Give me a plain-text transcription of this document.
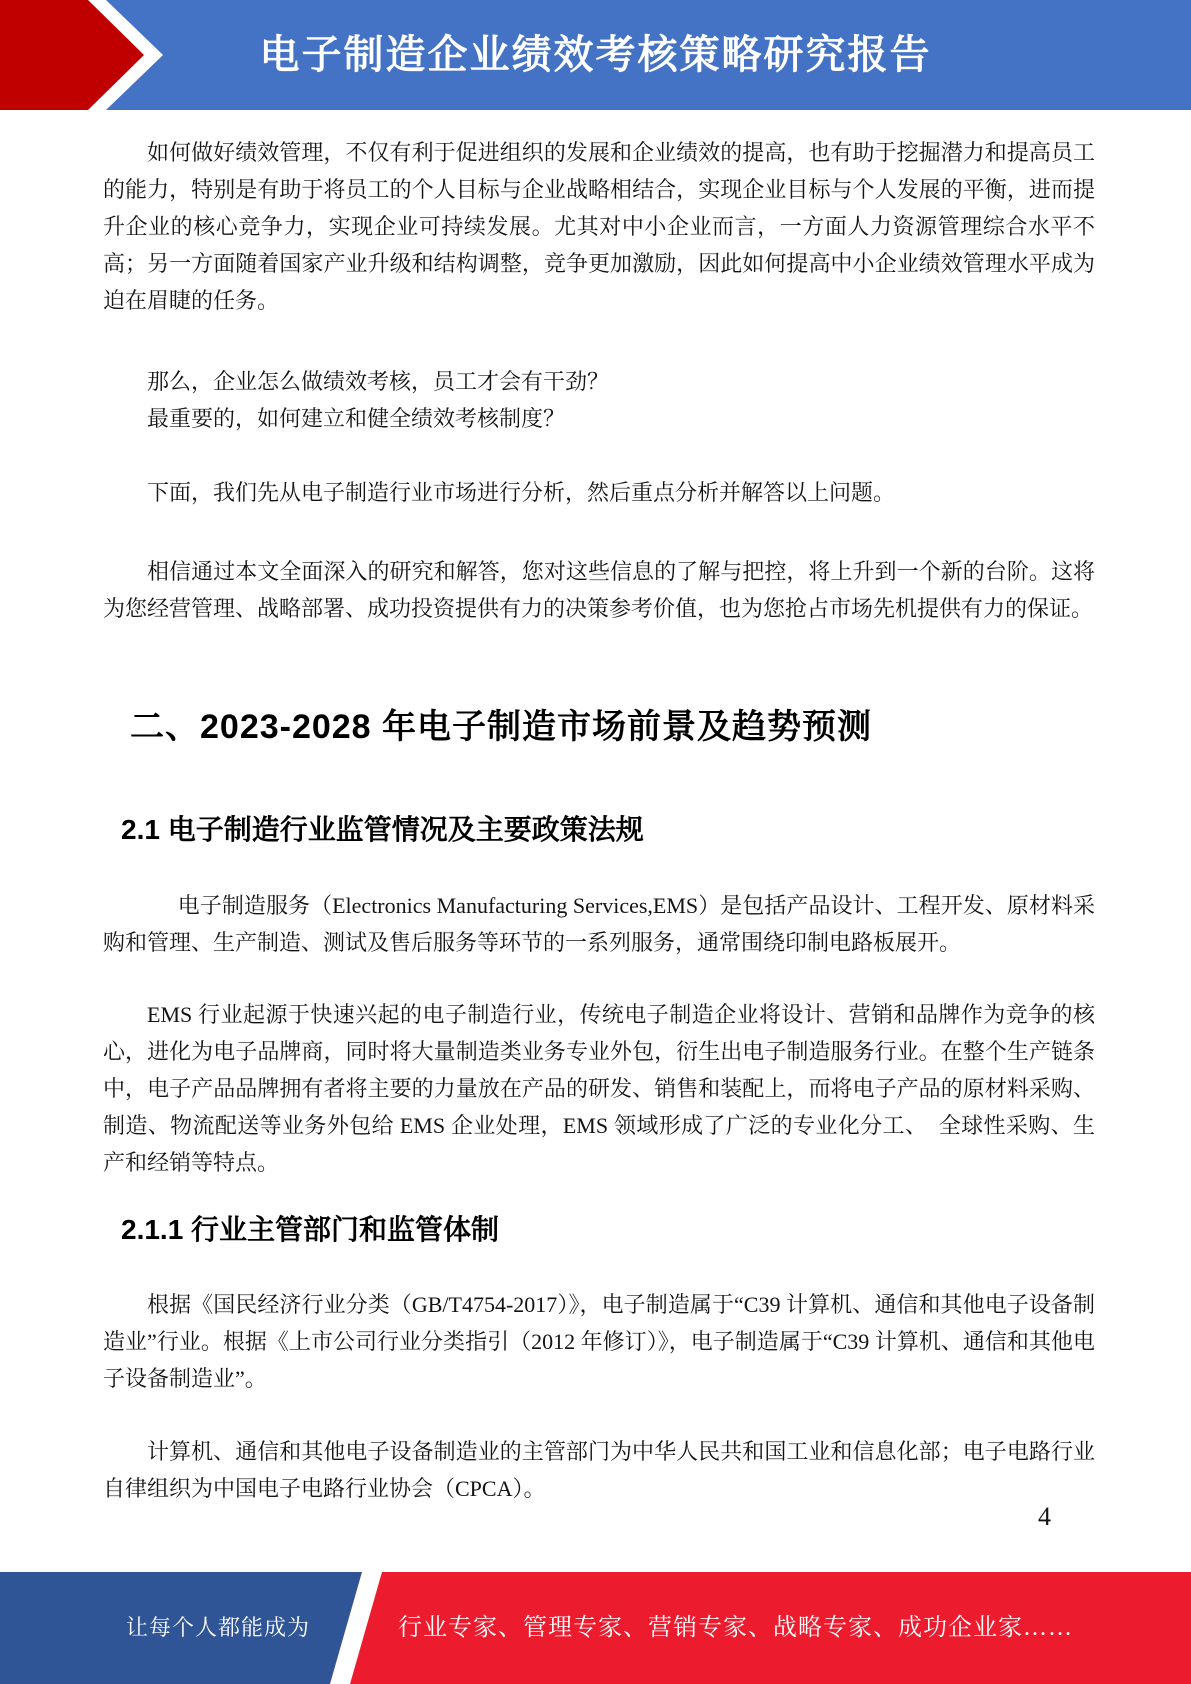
电子制造企业绩效考核策略研究报告
如何做好绩效管理，不仅有利于促进组织的发展和企业绩效的提高，也有助于挖掘潜力和提高员工的能力，特别是有助于将员工的个人目标与企业战略相结合，实现企业目标与个人发展的平衡，进而提升企业的核心竞争力，实现企业可持续发展。尤其对中小企业而言，一方面人力资源管理综合水平不高；另一方面随着国家产业升级和结构调整，竞争更加激励，因此如何提高中小企业绩效管理水平成为迫在眉睫的任务。
那么，企业怎么做绩效考核，员工才会有干劲？
最重要的，如何建立和健全绩效考核制度？
下面，我们先从电子制造行业市场进行分析，然后重点分析并解答以上问题。
相信通过本文全面深入的研究和解答，您对这些信息的了解与把控，将上升到一个新的台阶。这将为您经营管理、战略部署、成功投资提供有力的决策参考价值，也为您抢占市场先机提供有力的保证。
二、2023-2028 年电子制造市场前景及趋势预测
2.1 电子制造行业监管情况及主要政策法规
电子制造服务（Electronics Manufacturing Services,EMS）是包括产品设计、工程开发、原材料采购和管理、生产制造、测试及售后服务等环节的一系列服务，通常围绕印制电路板展开。
EMS 行业起源于快速兴起的电子制造行业，传统电子制造企业将设计、营销和品牌作为竞争的核心，进化为电子品牌商，同时将大量制造类业务专业外包，衍生出电子制造服务行业。在整个生产链条中，电子产品品牌拥有者将主要的力量放在产品的研发、销售和装配上，而将电子产品的原材料采购、制造、物流配送等业务外包给 EMS 企业处理，EMS 领域形成了广泛的专业化分工、　全球性采购、生产和经销等特点。
2.1.1 行业主管部门和监管体制
根据《国民经济行业分类（GB/T4754-2017）》，电子制造属于“C39 计算机、通信和其他电子设备制造业”行业。根据《上市公司行业分类指引（2012 年修订）》，电子制造属于“C39 计算机、通信和其他电子设备制造业”。
计算机、通信和其他电子设备制造业的主管部门为中华人民共和国工业和信息化部；电子电路行业自律组织为中国电子电路行业协会（CPCA）。
4
让每个人都能成为	行业专家、管理专家、营销专家、战略专家、成功企业家……
